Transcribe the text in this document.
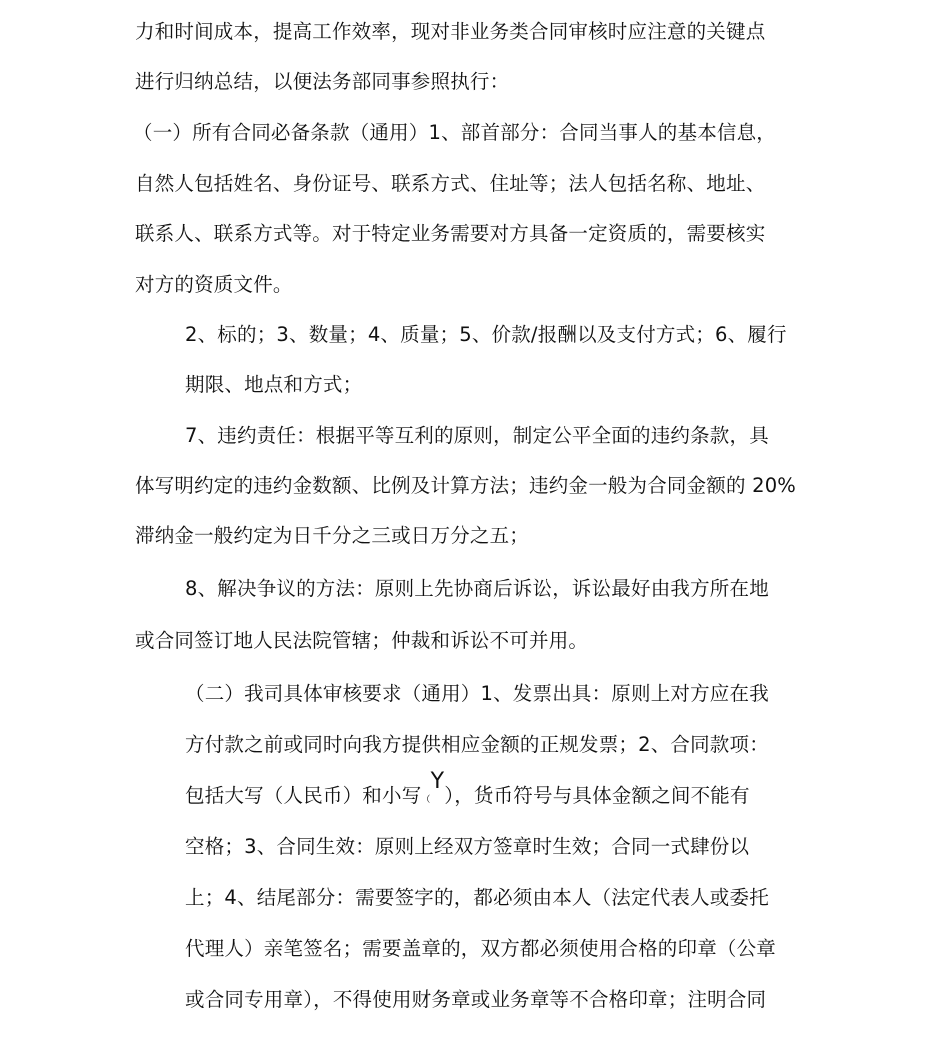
力和时间成本，提高工作效率，现对非业务类合同审核时应注意的关键点
进行归纳总结，以便法务部同事参照执行：
（一）所有合同必备条款（通用）1、部首部分：合同当事人的基本信息，
自然人包括姓名、身份证号、联系方式、住址等；法人包括名称、地址、
联系人、联系方式等。对于特定业务需要对方具备一定资质的，需要核实
对方的资质文件。
2、标的；3、数量；4、质量；5、价款/报酬以及支付方式；6、履行
期限、地点和方式；
7、违约责任：根据平等互利的原则，制定公平全面的违约条款，具
体写明约定的违约金数额、比例及计算方法；违约金一般为合同金额的 20%
滞纳金一般约定为日千分之三或日万分之五；
8、解决争议的方法：原则上先协商后诉讼，诉讼最好由我方所在地
或合同签订地人民法院管辖；仲裁和诉讼不可并用。
（二）我司具体审核要求（通用）1、发票出具：原则上对方应在我
方付款之前或同时向我方提供相应金额的正规发票；2、合同款项：
包括大写（人民币）和小写（Y），货币符号与具体金额之间不能有
空格；3、合同生效：原则上经双方签章时生效；合同一式肆份以
上；4、结尾部分：需要签字的，都必须由本人（法定代表人或委托
代理人）亲笔签名；需要盖章的，双方都必须使用合格的印章（公章
或合同专用章），不得使用财务章或业务章等不合格印章；注明合同
